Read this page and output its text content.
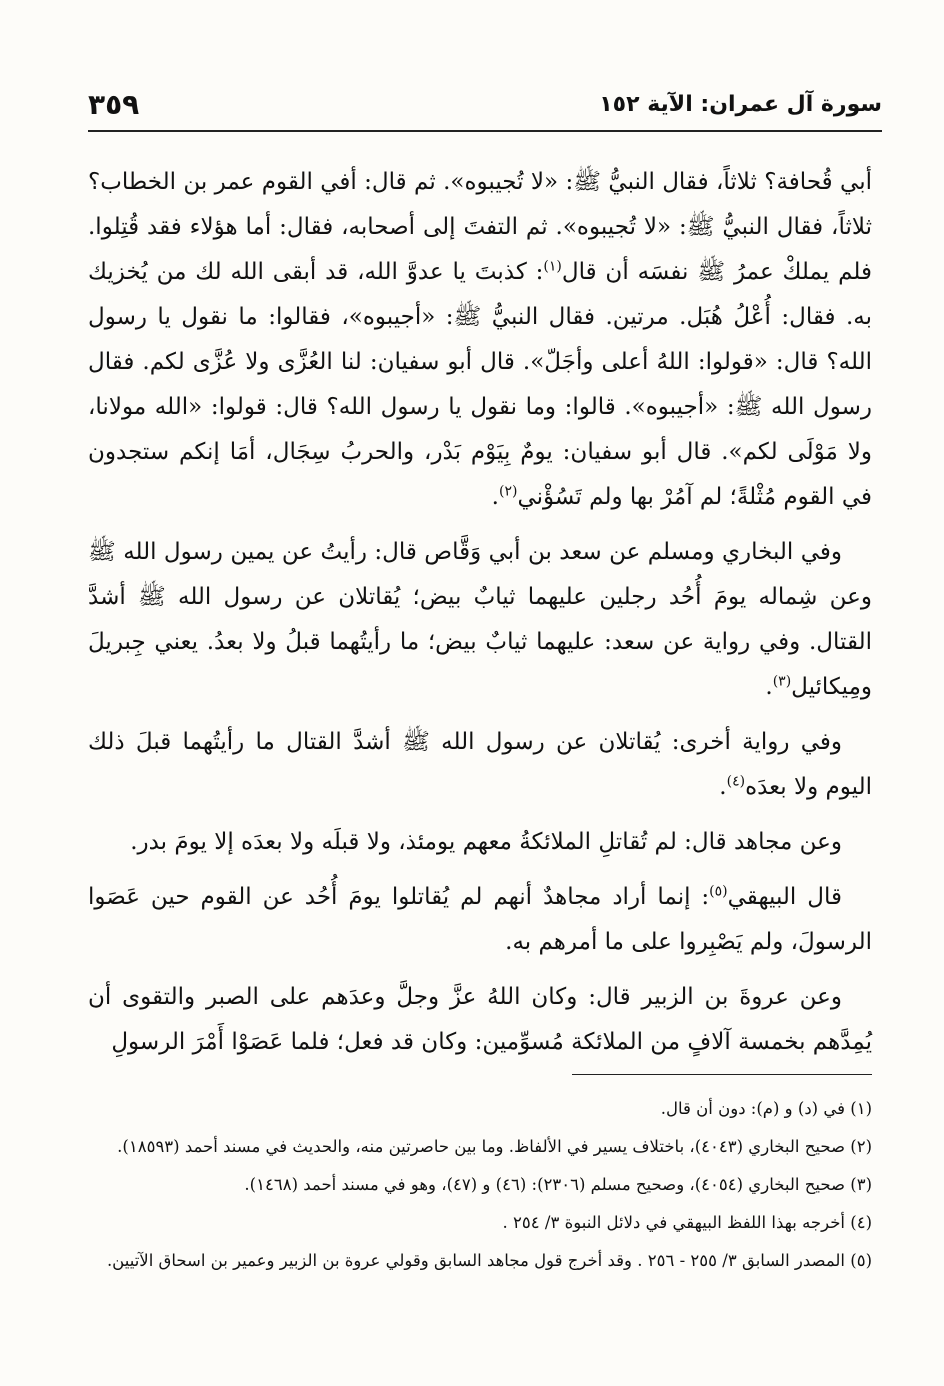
سورة آل عمران: الآية ١٥٢
٣٥٩

أبي قُحافة؟ ثلاثاً، فقال النبيُّ ﷺ: «لا تُجيبوه». ثم قال: أفي القوم عمر بن الخطاب؟ ثلاثاً، فقال النبيُّ ﷺ: «لا تُجيبوه». ثم التفتَ إلى أصحابه، فقال: أما هؤلاء فقد قُتِلوا. فلم يملكْ عمرُ ﷺ نفسَه أن قال$^{(١)}$: كذبتَ يا عدوَّ الله، قد أبقى الله لك من يُخزيك به. فقال: أُعْلُ هُبَل. مرتين. فقال النبيُّ ﷺ: «أجيبوه»، فقالوا: ما نقول يا رسول الله؟ قال: «قولوا: اللهُ أعلى وأجَلّ». قال أبو سفيان: لنا العُزَّى ولا عُزَّى لكم. فقال رسول الله ﷺ: «أجيبوه». قالوا: وما نقول يا رسول الله؟ قال: قولوا: «الله مولانا، ولا مَوْلَى لكم». قال أبو سفيان: يومٌ بِيَوْم بَدْر، والحربُ سِجَال، أمَا إنكم ستجدون في القوم مُثْلةً؛ لم آمُرْ بها ولم تَسُؤْني$^{(٢)}$.

وفي البخاري ومسلم عن سعد بن أبي وَقَّاص قال: رأيتُ عن يمين رسول الله ﷺ وعن شِماله يومَ أُحُد رجلين عليهما ثيابٌ بيض؛ يُقاتلان عن رسول الله ﷺ أشدَّ القتال. وفي رواية عن سعد: عليهما ثيابٌ بيض؛ ما رأيتُهما قبلُ ولا بعدُ. يعني جِبريلَ ومِيكائيل$^{(٣)}$.

وفي رواية أخرى: يُقاتلان عن رسول الله ﷺ أشدَّ القتال ما رأيتُهما قبلَ ذلك اليوم ولا بعدَه$^{(٤)}$.

وعن مجاهد قال: لم تُقاتلِ الملائكةُ معهم يومئذ، ولا قبلَه ولا بعدَه إلا يومَ بدر.

قال البيهقي$^{(٥)}$: إنما أراد مجاهدٌ أنهم لم يُقاتلوا يومَ أُحُد عن القوم حين عَصَوا الرسولَ، ولم يَصْبِروا على ما أمرهم به.

وعن عروةَ بن الزبير قال: وكان اللهُ عزَّ وجلَّ وعدَهم على الصبر والتقوى أن يُمِدَّهم بخمسة آلافٍ من الملائكة مُسوِّمين: وكان قد فعل؛ فلما عَصَوْا أَمْرَ الرسولِ

(١) في (د) و (م): دون أن قال.

(٢) صحيح البخاري (٤٠٤٣)، باختلاف يسير في الألفاظ. وما بين حاصرتين منه، والحديث في مسند أحمد (١٨٥٩٣).

(٣) صحيح البخاري (٤٠٥٤)، وصحيح مسلم (٢٣٠٦): (٤٦) و (٤٧)، وهو في مسند أحمد (١٤٦٨).

(٤) أخرجه بهذا اللفظ البيهقي في دلائل النبوة ٣/ ٢٥٤ .

(٥) المصدر السابق ٣/ ٢٥٥ - ٢٥٦ . وقد أخرج قول مجاهد السابق وقولي عروة بن الزبير وعمير بن اسحاق الآتيين.
